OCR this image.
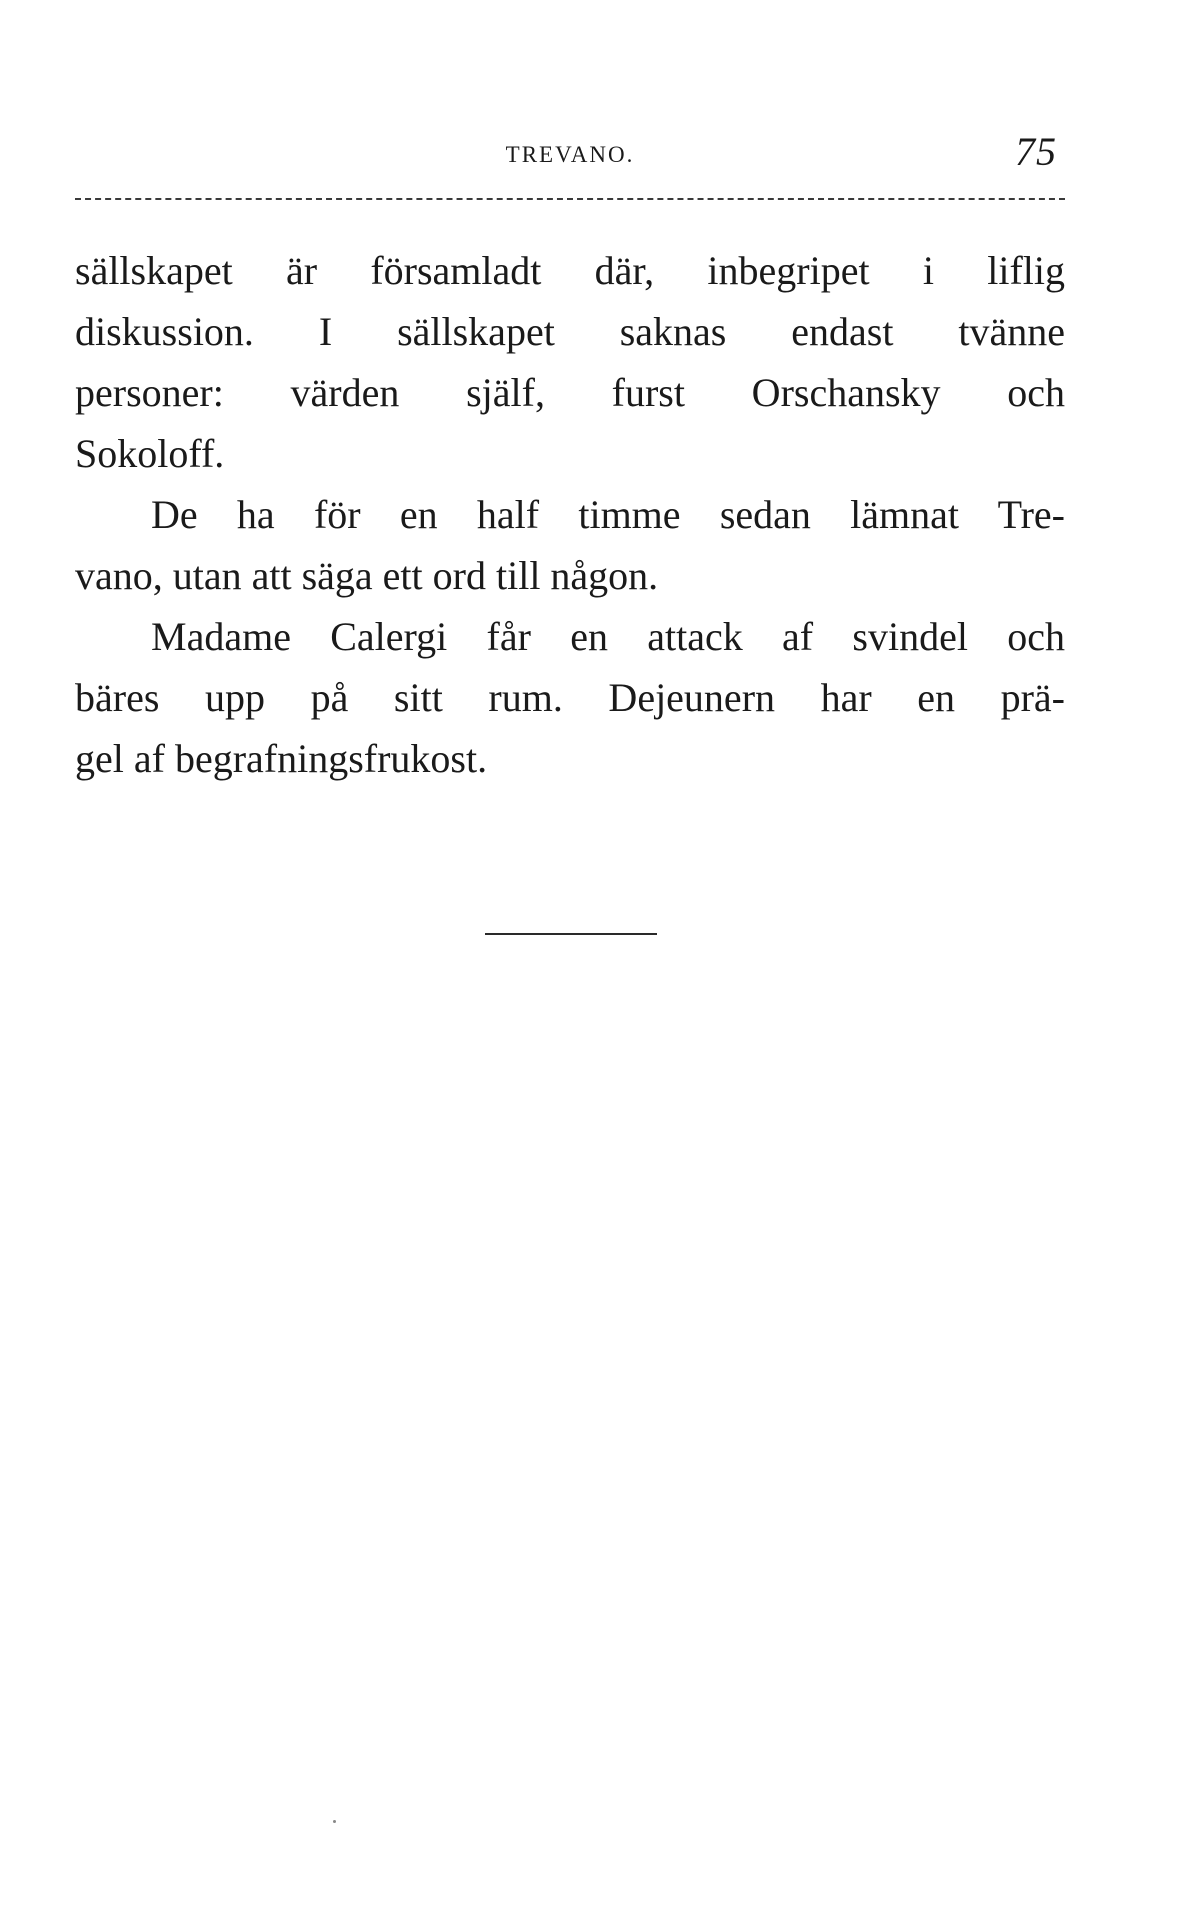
TREVANO.	75
sällskapet är församladt där, inbegripet i liflig
diskussion. I sällskapet saknas endast tvänne
personer: värden själf, furst Orschansky och
Sokoloff.
De ha för en half timme sedan lämnat Tre-
vano, utan att säga ett ord till någon.
Madame Calergi får en attack af svindel och
bäres upp på sitt rum. Dejeunern har en prä-
gel af begrafningsfrukost.
